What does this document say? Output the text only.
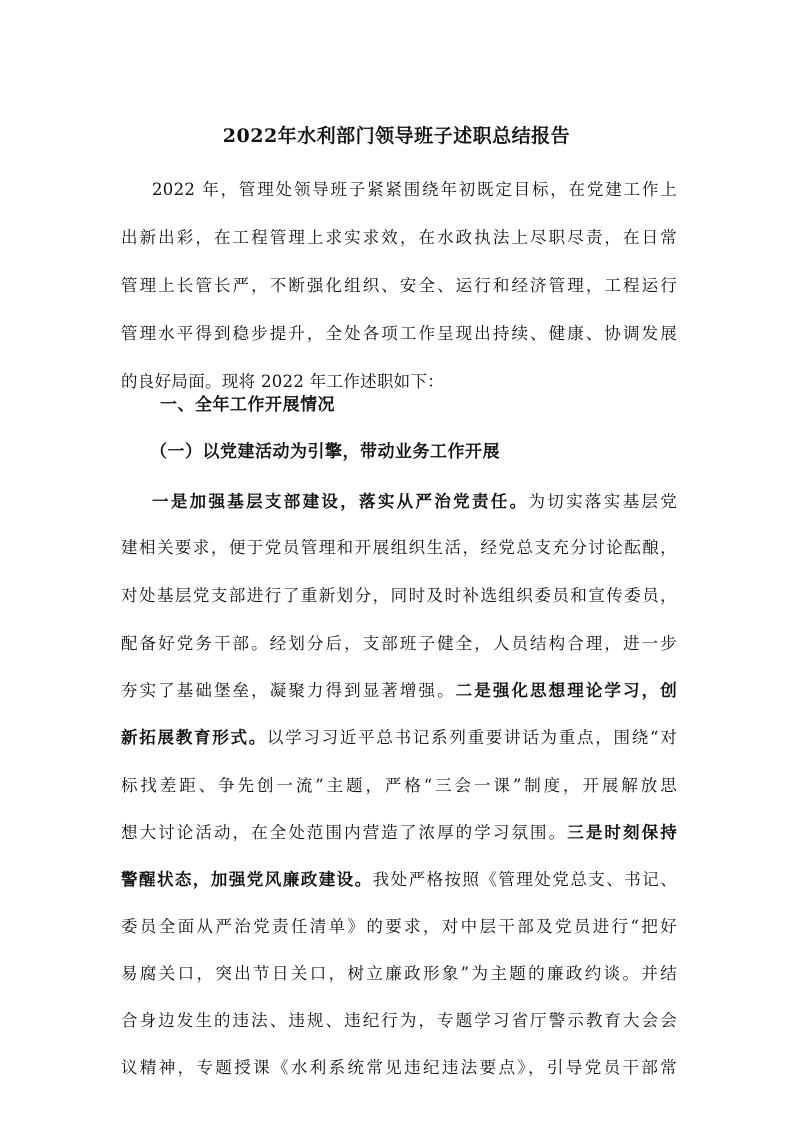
2022年水利部门领导班子述职总结报告
2022 年，管理处领导班子紧紧围绕年初既定目标，在党建工作上
出新出彩，在工程管理上求实求效，在水政执法上尽职尽责，在日常
管理上长管长严，不断强化组织、安全、运行和经济管理，工程运行
管理水平得到稳步提升，全处各项工作呈现出持续、健康、协调发展
的良好局面。现将 2022 年工作述职如下：
一、全年工作开展情况
（一）以党建活动为引擎，带动业务工作开展
一是加强基层支部建设，落实从严治党责任。为切实落实基层党
建相关要求，便于党员管理和开展组织生活，经党总支充分讨论酝酿，
对处基层党支部进行了重新划分，同时及时补选组织委员和宣传委员，
配备好党务干部。经划分后，支部班子健全，人员结构合理，进一步
夯实了基础堡垒，凝聚力得到显著增强。二是强化思想理论学习，创
新拓展教育形式。以学习习近平总书记系列重要讲话为重点，围绕“对
标找差距、争先创一流”主题，严格“三会一课”制度，开展解放思
想大讨论活动，在全处范围内营造了浓厚的学习氛围。三是时刻保持
警醒状态，加强党风廉政建设。我处严格按照《管理处党总支、书记、
委员全面从严治党责任清单》的要求，对中层干部及党员进行“把好
易腐关口，突出节日关口，树立廉政形象”为主题的廉政约谈。并结
合身边发生的违法、违规、违纪行为，专题学习省厅警示教育大会会
议精神，专题授课《水利系统常见违纪违法要点》，引导党员干部常
